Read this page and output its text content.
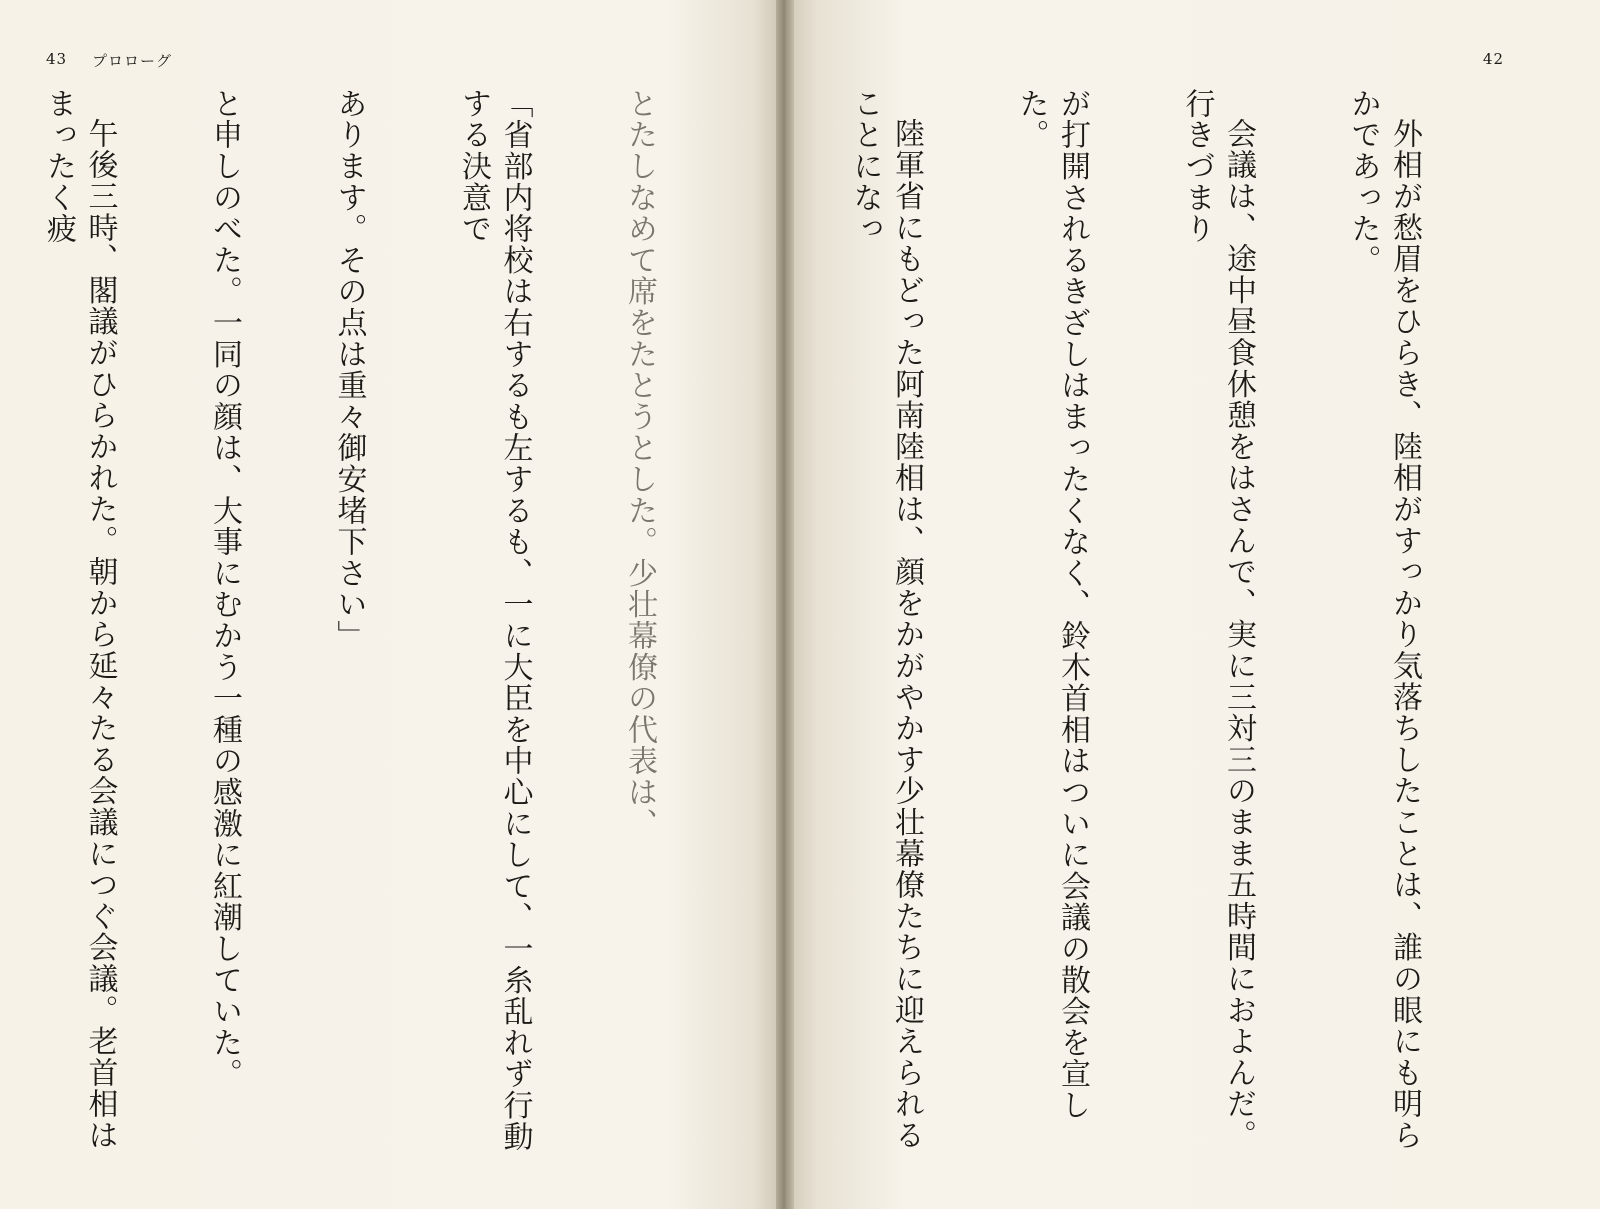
43 プロローグ

とたしなめて席をたとうとした。少壮幕僚の代表は、

「省部内将校は右するも左するも、一に大臣を中心にして、一糸乱れず行動する決意で

あります。その点は重々御安堵下さい」

と申しのべた。一同の顔は、大事にむかう一種の感激に紅潮していた。

午後三時、閣議がひらかれた。朝から延々たる会議につぐ会議。老首相はまったく疲

42

外相が愁眉をひらき、陸相がすっかり気落ちしたことは、誰の眼にも明らかであった。

会議は、途中昼食休憩をはさんで、実に三対三のまま五時間におよんだ。行きづまり

が打開されるきざしはまったくなく、鈴木首相はついに会議の散会を宣した。

陸軍省にもどった阿南陸相は、顔をかがやかす少壮幕僚たちに迎えられることになっ
